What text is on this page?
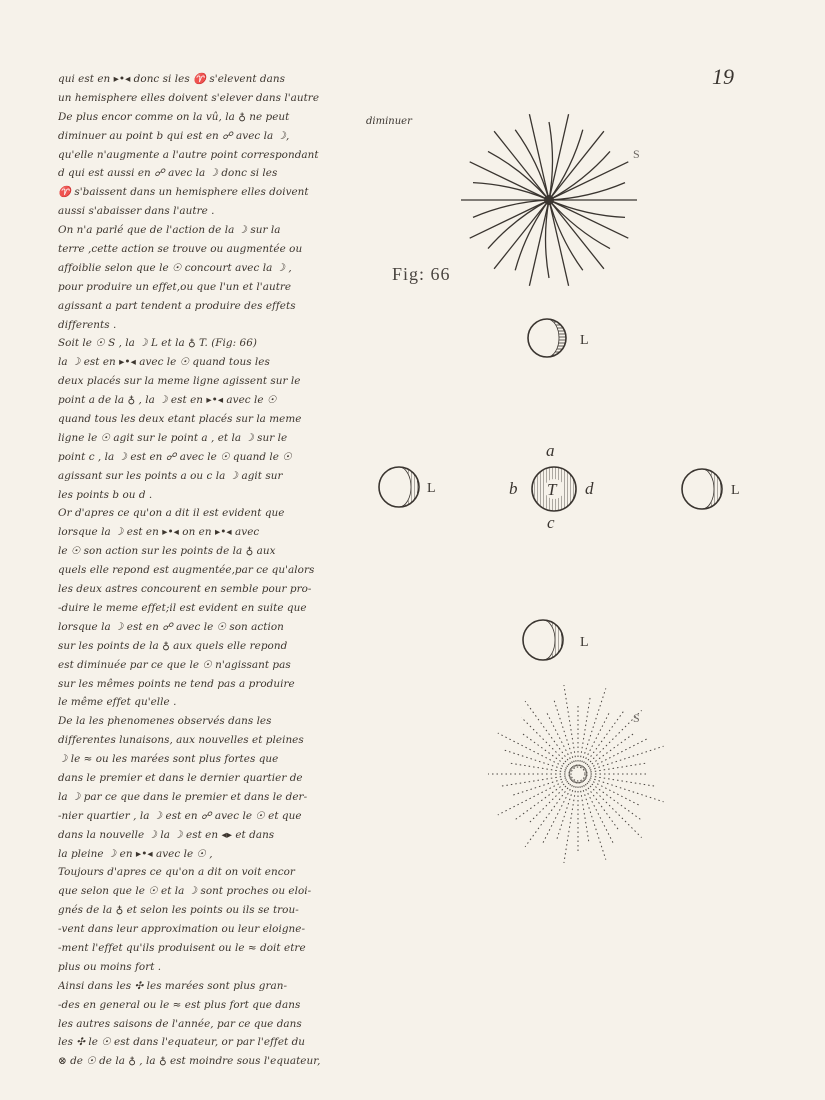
19
qui est en ▸•◂ donc si les ♈ s'elevent dans
un hemisphere elles doivent s'elever dans l'autre
De plus encor comme on la vû, la ♁ ne peut
diminuer au point b qui est en ☍ avec la ☽,
qu'elle n'augmente a l'autre point correspondant
d qui est aussi en ☍ avec la ☽ donc si les
♈ s'baissent dans un hemisphere elles doivent
aussi s'abaisser dans l'autre .
On n'a parlé que de l'action de la ☽ sur la
terre ,cette action se trouve ou augmentée ou
affoiblie selon que le ☉ concourt avec la ☽ ,
pour produire un effet,ou que l'un et l'autre
agissant a part tendent a produire des effets
differents .
Soit le ☉ S , la ☽ L et la ♁ T. (Fig: 66)
la ☽ est en ▸•◂ avec le ☉ quand tous les
deux placés sur la meme ligne agissent sur le
point a de la ♁ , la ☽ est en ▸•◂ avec le ☉
quand tous les deux etant placés sur la meme
ligne le ☉ agit sur le point a , et la ☽ sur le
point c , la ☽ est en ☍ avec le ☉ quand le ☉
agissant sur les points a ou c la ☽ agit sur
les points b ou d .
Or d'apres ce qu'on a dit il est evident que
lorsque la ☽ est en ▸•◂ on en ▸•◂ avec
le ☉ son action sur les points de la ♁ aux
quels elle repond est augmentée,par ce qu'alors
les deux astres concourent en semble pour pro-
-duire le meme effet;il est evident en suite que
lorsque la ☽ est en ☍ avec le ☉ son action
sur les points de la ♁ aux quels elle repond
est diminuée par ce que le ☉ n'agissant pas
sur les mêmes points ne tend pas a produire
le même effet qu'elle .
De la les phenomenes observés dans les
differentes lunaisons, aux nouvelles et pleines
☽ le ≈ ou les marées sont plus fortes que
dans le premier et dans le dernier quartier de
la ☽ par ce que dans le premier et dans le der-
-nier quartier , la ☽ est en ☍ avec le ☉ et que
dans la nouvelle ☽ la ☽ est en ◂▸ et dans
la pleine ☽ en ▸•◂ avec le ☉ ,
Toujours d'apres ce qu'on a dit on voit encor
que selon que le ☉ et la ☽ sont proches ou eloi-
gnés de la ♁ et selon les points ou ils se trou-
-vent dans leur approximation ou leur eloigne-
-ment l'effet qu'ils produisent ou le ≈ doit etre
plus ou moins fort .
Ainsi dans les ✣ les marées sont plus gran-
-des en general ou le ≈ est plus fort que dans
les autres saisons de l'année, par ce que dans
les ✣ le ☉ est dans l'equateur, or par l'effet du
⊗ de ☉ de la ♁ , la ♁ est moindre sous l'equateur,
diminuer
Fig: 66
S
L
L	L
T
a
b
c
d
L
S
